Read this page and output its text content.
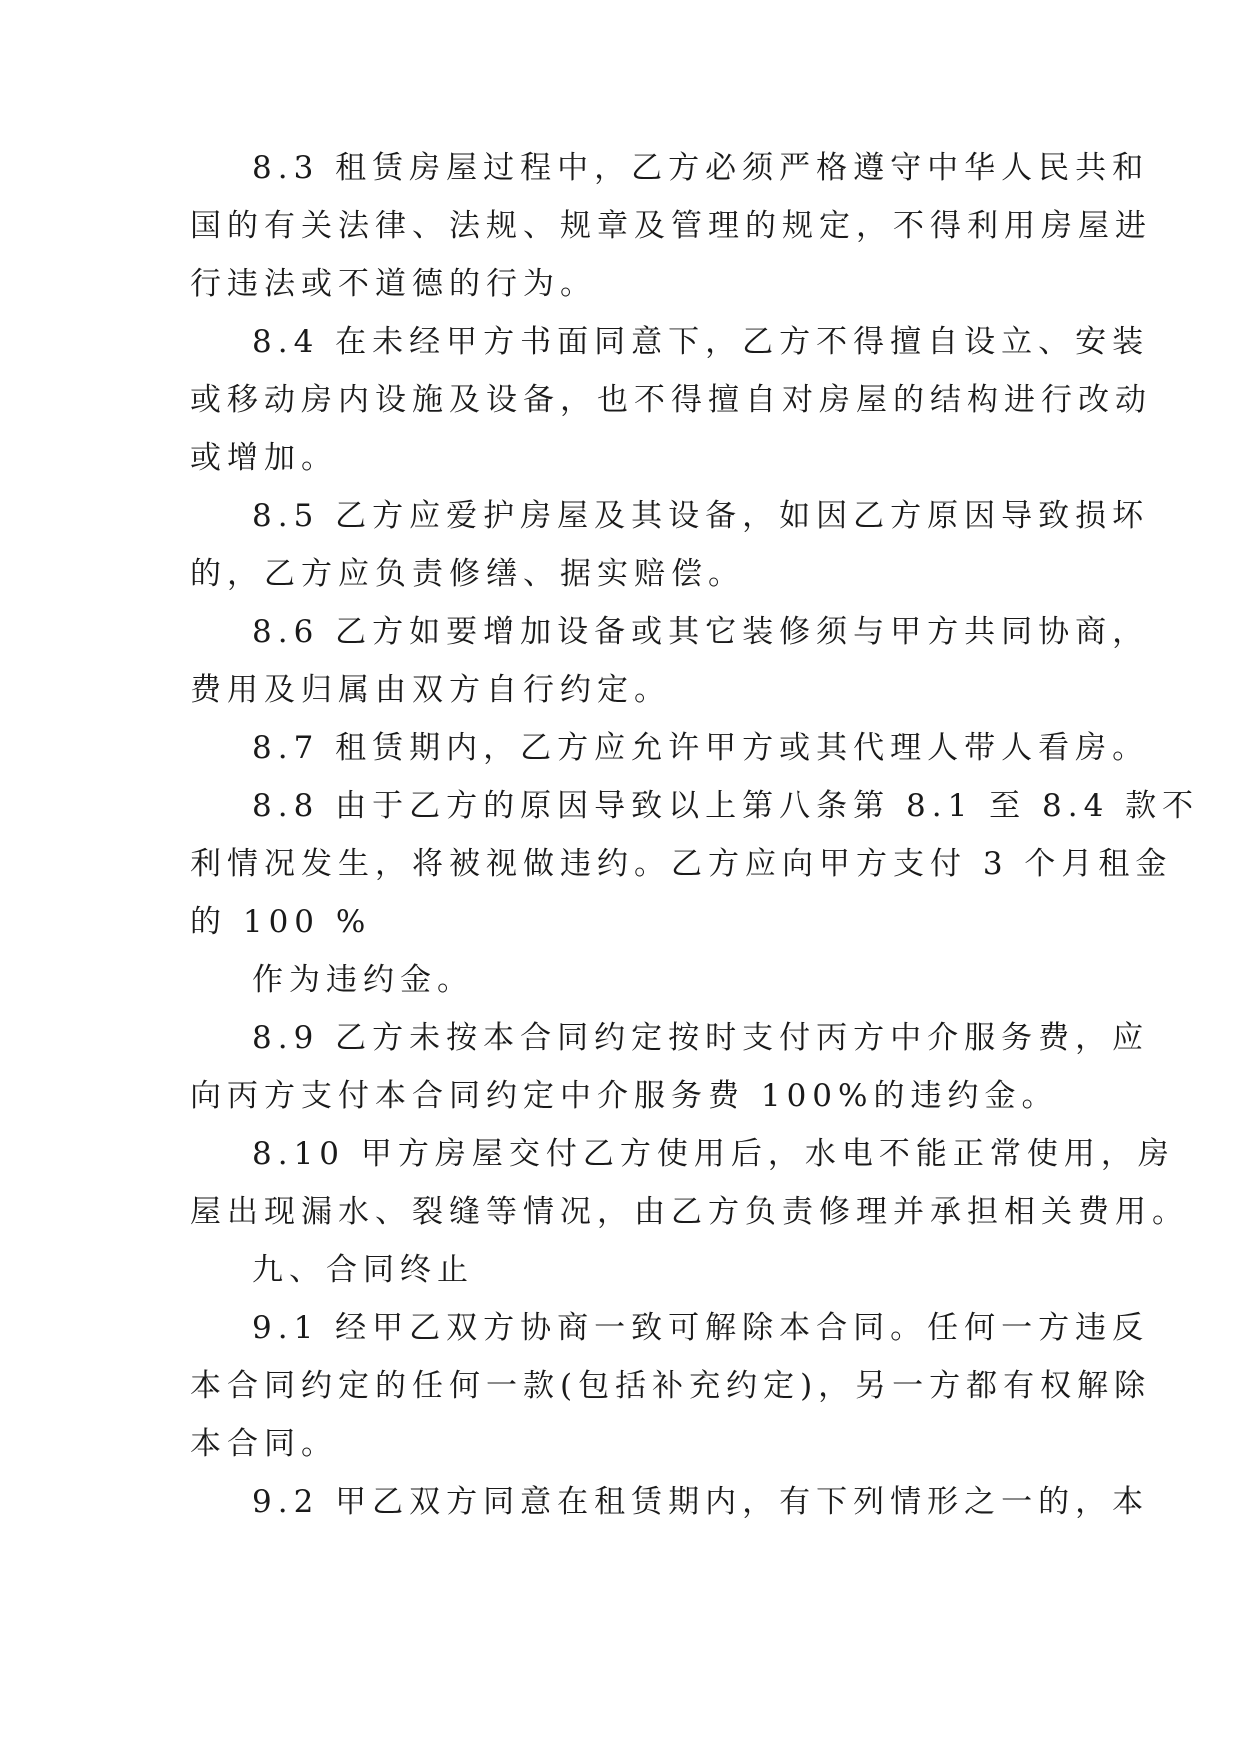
8.3 租赁房屋过程中，乙方必须严格遵守中华人民共和
国的有关法律、法规、规章及管理的规定，不得利用房屋进
行违法或不道德的行为。
8.4 在未经甲方书面同意下，乙方不得擅自设立、安装
或移动房内设施及设备，也不得擅自对房屋的结构进行改动
或增加。
8.5 乙方应爱护房屋及其设备，如因乙方原因导致损坏
的，乙方应负责修缮、据实赔偿。
8.6 乙方如要增加设备或其它装修须与甲方共同协商，
费用及归属由双方自行约定。
8.7 租赁期内，乙方应允许甲方或其代理人带人看房。
8.8 由于乙方的原因导致以上第八条第 8.1 至 8.4 款不
利情况发生，将被视做违约。乙方应向甲方支付 3 个月租金
的 100 %
作为违约金。
8.9 乙方未按本合同约定按时支付丙方中介服务费，应
向丙方支付本合同约定中介服务费 100%的违约金。
8.10 甲方房屋交付乙方使用后，水电不能正常使用，房
屋出现漏水、裂缝等情况，由乙方负责修理并承担相关费用。
九、合同终止
9.1 经甲乙双方协商一致可解除本合同。任何一方违反
本合同约定的任何一款(包括补充约定)，另一方都有权解除
本合同。
9.2 甲乙双方同意在租赁期内，有下列情形之一的，本
